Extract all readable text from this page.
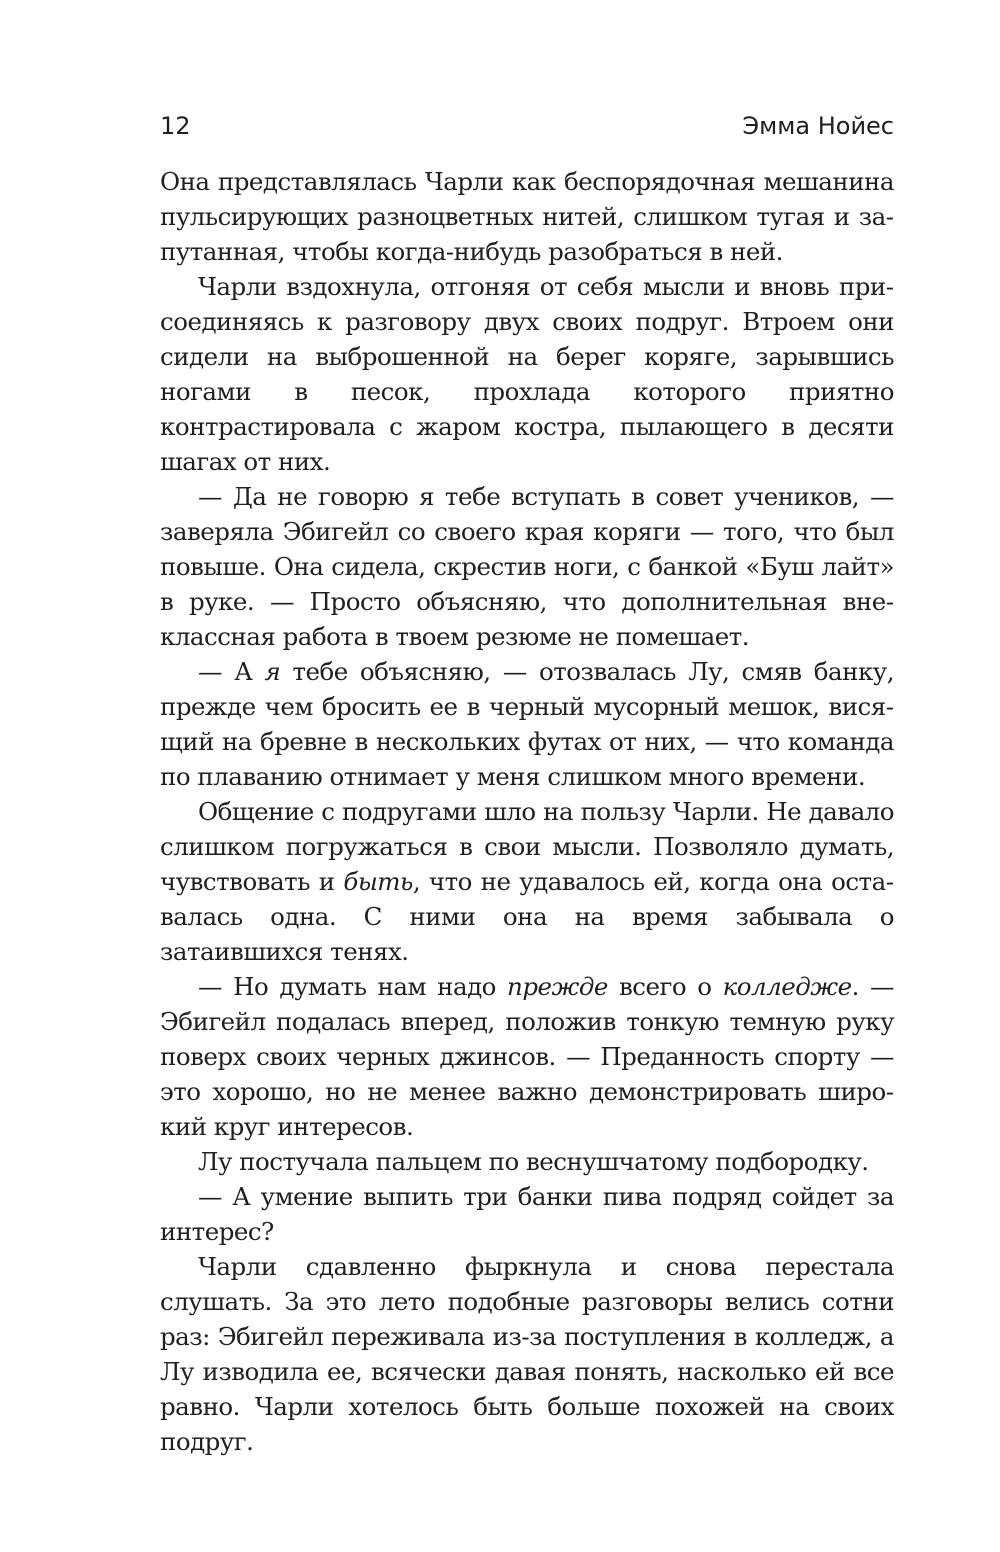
12	Эмма Нойес

Она представлялась Чарли как беспорядочная мешанина пульсирующих разноцветных нитей, слишком тугая и запутанная, чтобы когда-нибудь разобраться в ней.

Чарли вздохнула, отгоняя от себя мысли и вновь присоединяясь к разговору двух своих подруг. Втроем они сидели на выброшенной на берег коряге, зарывшись ногами в песок, прохлада которого приятно контрастировала с жаром костра, пылающего в десяти шагах от них.

— Да не говорю я тебе вступать в совет учеников, — заверяла Эбигейл со своего края коряги — того, что был повыше. Она сидела, скрестив ноги, с банкой «Буш лайт» в руке. — Просто объясняю, что дополнительная внеклассная работа в твоем резюме не помешает.

— А я тебе объясняю, — отозвалась Лу, смяв банку, прежде чем бросить ее в черный мусорный мешок, висящий на бревне в нескольких футах от них, — что команда по плаванию отнимает у меня слишком много времени.

Общение с подругами шло на пользу Чарли. Не давало слишком погружаться в свои мысли. Позволяло думать, чувствовать и быть, что не удавалось ей, когда она оставалась одна. С ними она на время забывала о затаившихся тенях.

— Но думать нам надо прежде всего о колледже. — Эбигейл подалась вперед, положив тонкую темную руку поверх своих черных джинсов. — Преданность спорту — это хорошо, но не менее важно демонстрировать широкий круг интересов.

Лу постучала пальцем по веснушчатому подбородку.

— А умение выпить три банки пива подряд сойдет за интерес?

Чарли сдавленно фыркнула и снова перестала слушать. За это лето подобные разговоры велись сотни раз: Эбигейл переживала из-за поступления в колледж, а Лу изводила ее, всячески давая понять, насколько ей все равно. Чарли хотелось быть больше похожей на своих подруг.
